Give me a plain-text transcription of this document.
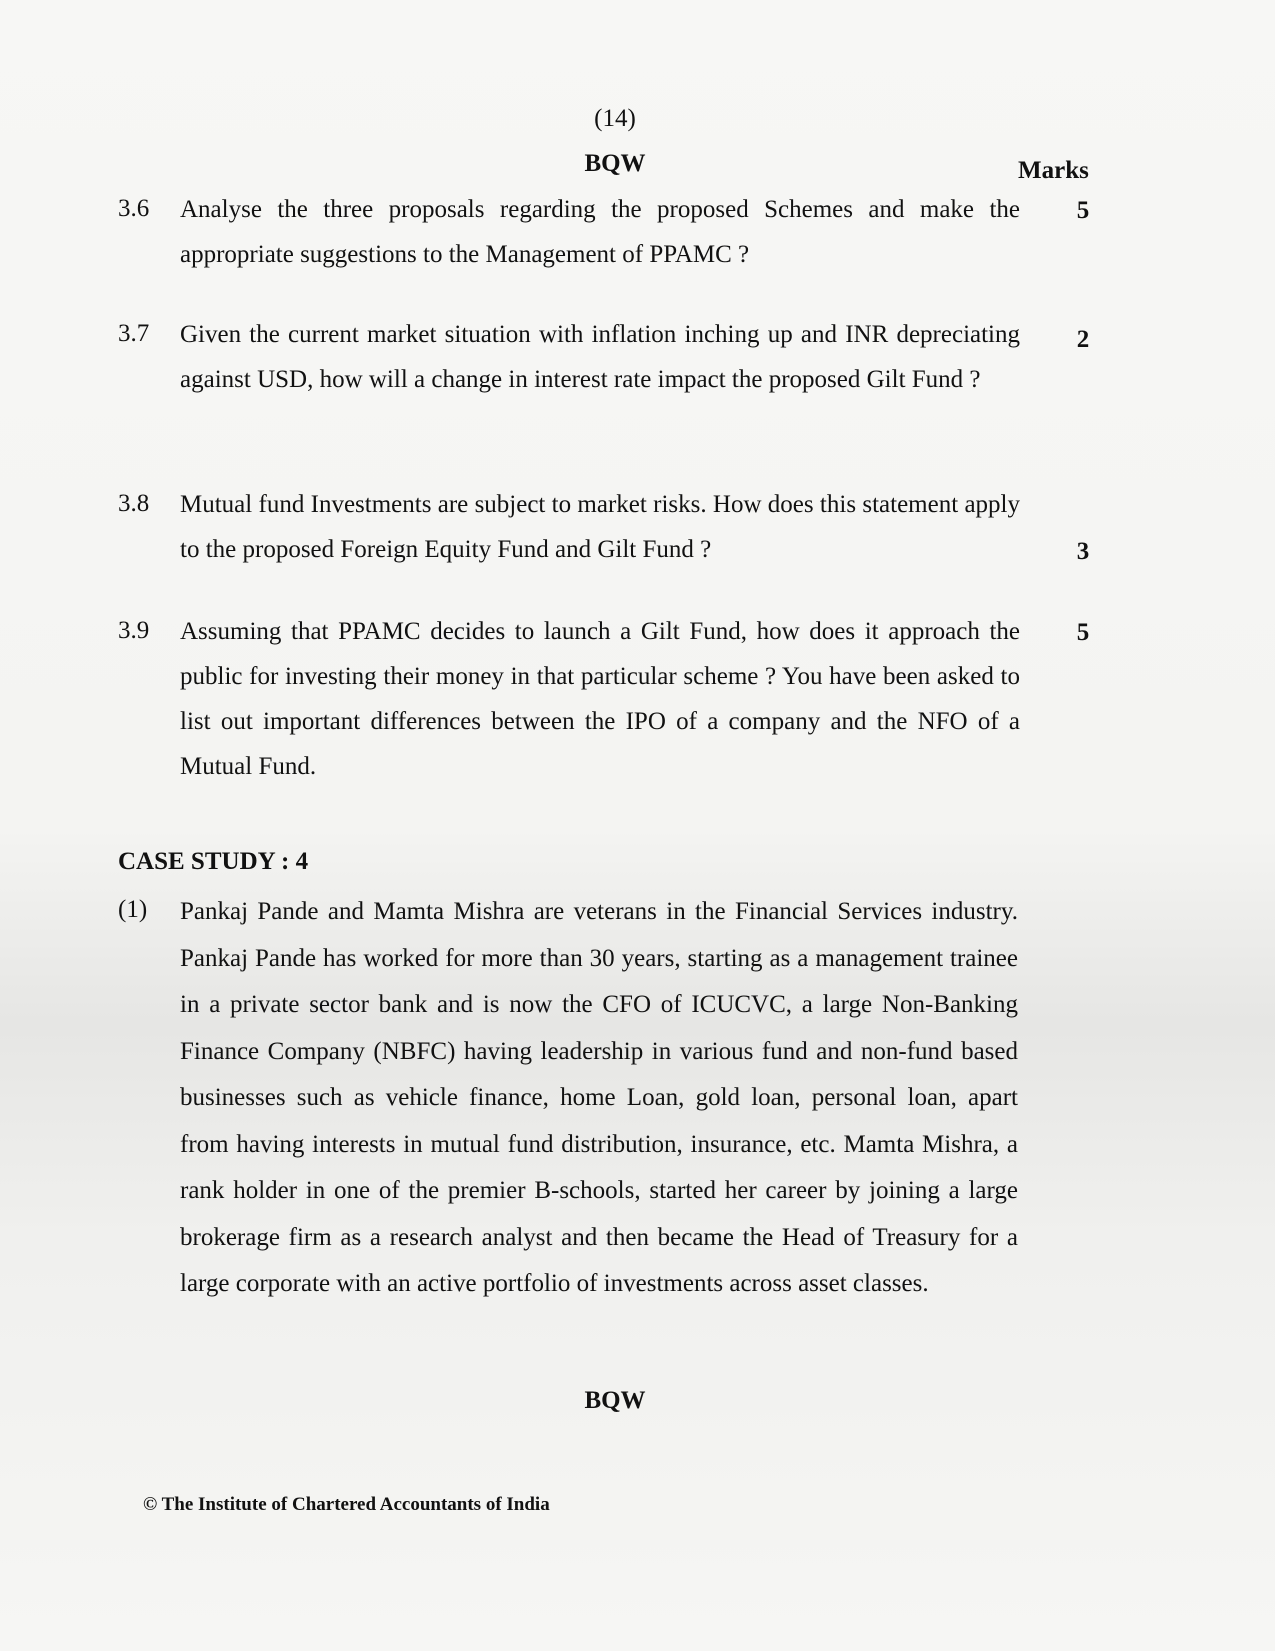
(14)
BQW	Marks
3.6 Analyse the three proposals regarding the proposed Schemes and make the appropriate suggestions to the Management of PPAMC ?
5
3.7 Given the current market situation with inflation inching up and INR depreciating against USD, how will a change in interest rate impact the proposed Gilt Fund ?
2
3.8 Mutual fund Investments are subject to market risks. How does this statement apply to the proposed Foreign Equity Fund and Gilt Fund ?	3
3.9 Assuming that PPAMC decides to launch a Gilt Fund, how does it approach the public for investing their money in that particular scheme ? You have been asked to list out important differences between the IPO of a company and the NFO of a Mutual Fund.
5
CASE STUDY : 4
(1) Pankaj Pande and Mamta Mishra are veterans in the Financial Services industry. Pankaj Pande has worked for more than 30 years, starting as a management trainee in a private sector bank and is now the CFO of ICUCVC, a large Non-Banking Finance Company (NBFC) having leadership in various fund and non-fund based businesses such as vehicle finance, home Loan, gold loan, personal loan, apart from having interests in mutual fund distribution, insurance, etc. Mamta Mishra, a rank holder in one of the premier B-schools, started her career by joining a large brokerage firm as a research analyst and then became the Head of Treasury for a large corporate with an active portfolio of investments across asset classes.
BQW
© The Institute of Chartered Accountants of India
